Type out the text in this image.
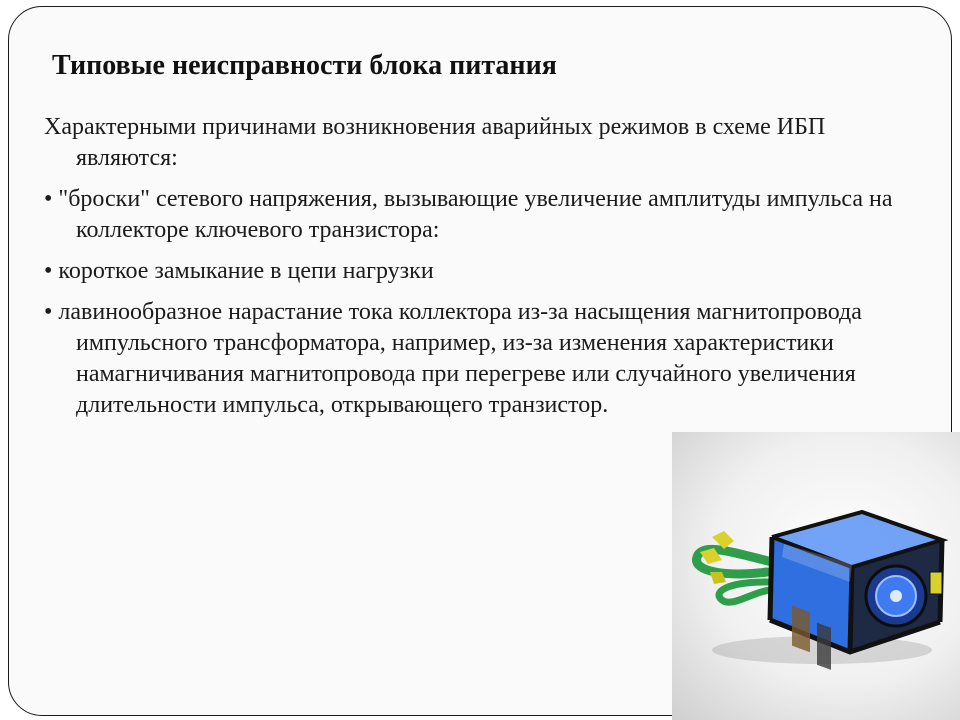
Типовые неисправности блока питания

Характерными причинами возникновения аварийных режимов в схеме ИБП являются:

• "броски" сетевого напряжения, вызывающие увеличение амплитуды импульса на коллекторе ключевого транзистора:

• короткое замыкание в цепи нагрузки

• лавинообразное нарастание тока коллектора из-за насыщения магнитопровода импульсного трансформатора, например, из-за изменения характеристики намагничивания магнитопровода при перегреве или случайного увеличения длительности импульса, открывающего транзистор.
